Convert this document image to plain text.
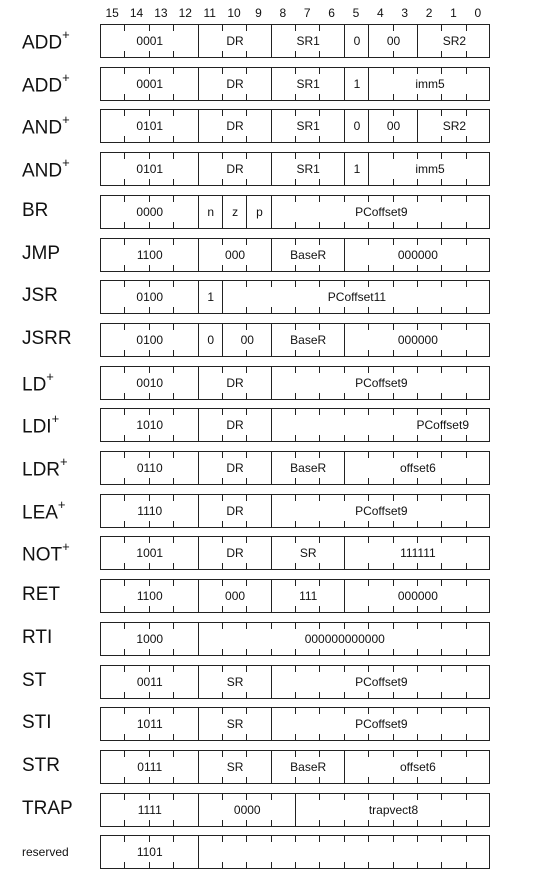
15 14 13 12 11 10 9 8 7 6 5 4 3 2 1 0
ADD+	0001	DR	SR1	0	00	SR2
ADD+	0001	DR	SR1	1	imm5
AND+	0101	DR	SR1	0	00	SR2
AND+	0101	DR	SR1	1	imm5
BR	0000	n	z	p	PCoffset9
JMP	1100	000	BaseR	000000
JSR	0100	1	PCoffset11
JSRR	0100	0	00	BaseR	000000
LD+	0010	DR	PCoffset9
LDI+	1010	DR	PCoffset9
LDR+	0110	DR	BaseR	offset6
LEA+	1110	DR	PCoffset9
NOT+	1001	DR	SR	111111
RET	1100	000	111	000000
RTI	1000	000000000000
ST	0011	SR	PCoffset9
STI	1011	SR	PCoffset9
STR	0111	SR	BaseR	offset6
TRAP	1111	0000	trapvect8
reserved	1101
